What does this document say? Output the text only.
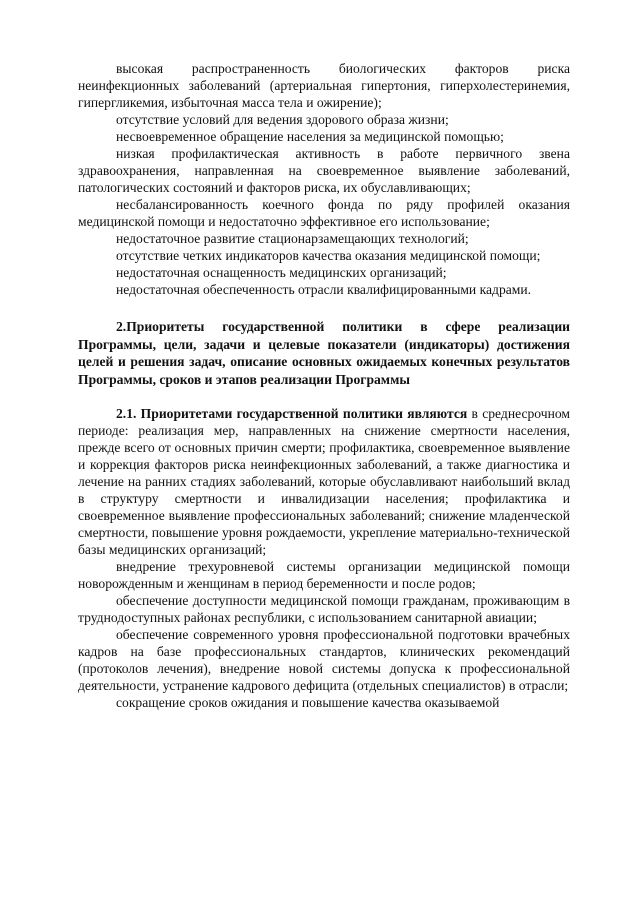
высокая распространенность биологических факторов риска неинфекционных заболеваний (артериальная гипертония, гиперхолестеринемия, гипергликемия, избыточная масса тела и ожирение);

отсутствие условий для ведения здорового образа жизни;

несвоевременное обращение населения за медицинской помощью;

низкая профилактическая активность в работе первичного звена здравоохранения, направленная на своевременное выявление заболеваний, патологических состояний и факторов риска, их обуславливающих;

несбалансированность коечного фонда по ряду профилей оказания медицинской помощи и недостаточно эффективное его использование;

недостаточное развитие стационарзамещающих технологий;

отсутствие четких индикаторов качества оказания медицинской помощи;

недостаточная оснащенность медицинских организаций;

недостаточная обеспеченность отрасли квалифицированными кадрами.

2.Приоритеты государственной политики в сфере реализации Программы, цели, задачи и целевые показатели (индикаторы) достижения целей и решения задач, описание основных ожидаемых конечных результатов Программы, сроков и этапов реализации Программы

2.1. Приоритетами государственной политики являются в среднесрочном периоде: реализация мер, направленных на снижение смертности населения, прежде всего от основных причин смерти; профилактика, своевременное выявление и коррекция факторов риска неинфекционных заболеваний, а также диагностика и лечение на ранних стадиях заболеваний, которые обуславливают наибольший вклад в структуру смертности и инвалидизации населения; профилактика и своевременное выявление профессиональных заболеваний; снижение младенческой смертности, повышение уровня рождаемости, укрепление материально-технической базы медицинских организаций;

внедрение трехуровневой системы организации медицинской помощи новорожденным и женщинам в период беременности и после родов;

обеспечение доступности медицинской помощи гражданам, проживающим в труднодоступных районах республики, с использованием санитарной авиации;

обеспечение современного уровня профессиональной подготовки врачебных кадров на базе профессиональных стандартов, клинических рекомендаций (протоколов лечения), внедрение новой системы допуска к профессиональной деятельности, устранение кадрового дефицита (отдельных специалистов) в отрасли;

сокращение сроков ожидания и повышение качества оказываемой
